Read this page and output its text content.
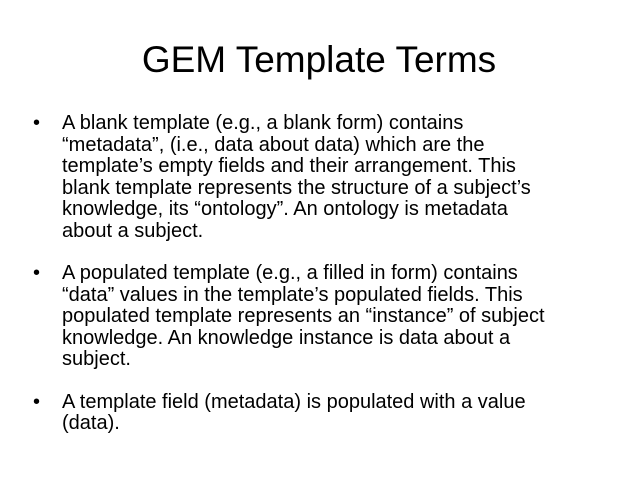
GEM Template Terms
•	A blank template (e.g., a blank form) contains
“metadata”, (i.e., data about data) which are the
template’s empty fields and their arrangement. This
blank template represents the structure of a subject’s
knowledge, its “ontology”. An ontology is metadata
about a subject.
•	A populated template (e.g., a filled in form) contains
“data” values in the template’s populated fields. This
populated template represents an “instance” of subject
knowledge. An knowledge instance is data about a
subject.
•	A template field (metadata) is populated with a value
(data).
